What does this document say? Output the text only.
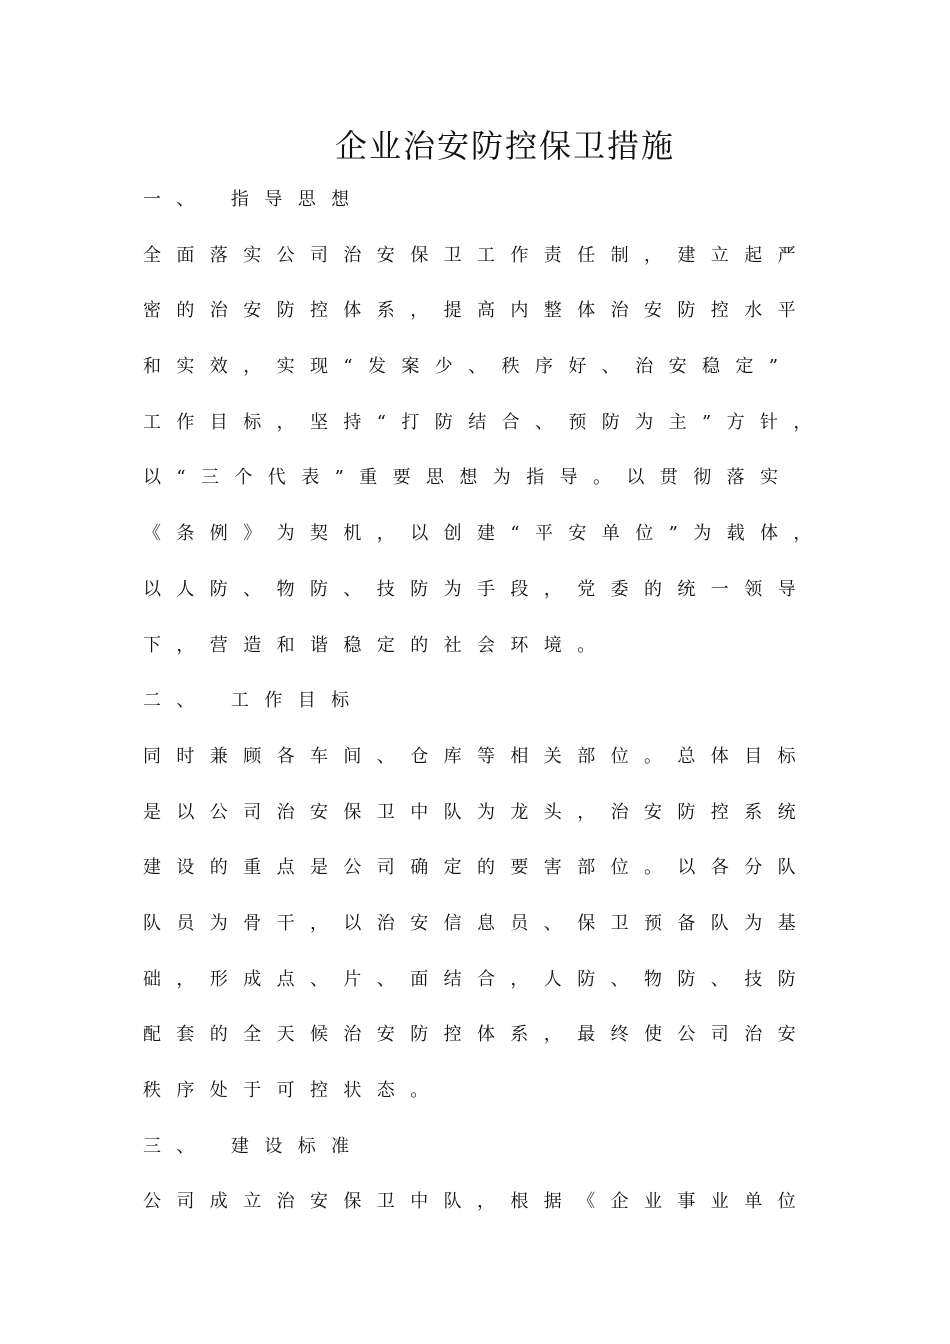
企业治安防控保卫措施
一、 指导思想
全面落实公司治安保卫工作责任制，建立起严
密的治安防控体系，提高内整体治安防控水平
和实效，实现“发案少、秩序好、治安稳定”
工作目标，坚持“打防结合、预防为主”方针，
以“三个代表”重要思想为指导。以贯彻落实
《条例》为契机，以创建“平安单位”为载体，
以人防、物防、技防为手段，党委的统一领导
下，营造和谐稳定的社会环境。
二、 工作目标
同时兼顾各车间、仓库等相关部位。总体目标
是以公司治安保卫中队为龙头，治安防控系统
建设的重点是公司确定的要害部位。以各分队
队员为骨干，以治安信息员、保卫预备队为基
础，形成点、片、面结合，人防、物防、技防
配套的全天候治安防控体系，最终使公司治安
秩序处于可控状态。
三、 建设标准
公司成立治安保卫中队，根据《企业事业单位
